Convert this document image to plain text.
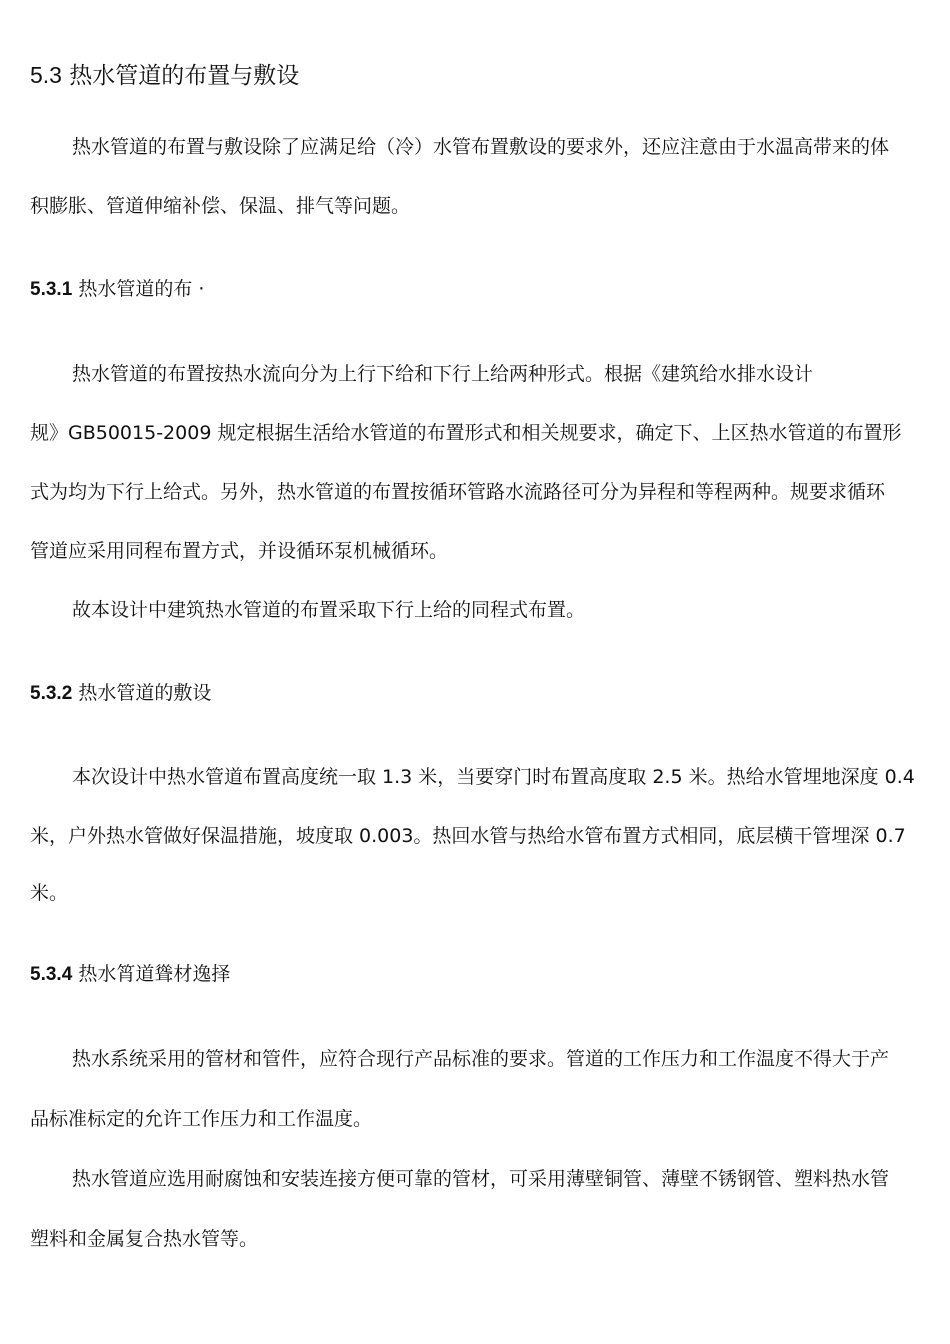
5.3 热水管道的布置与敷设
热水管道的布置与敷设除了应满足给（冷）水管布置敷设的要求外，还应注意由于水温高带来的体
积膨胀、管道伸缩补偿、保温、排气等问题。
5.3.1 热水管道的布 ·
热水管道的布置按热水流向分为上行下给和下行上给两种形式。根据《建筑给水排水设计
规》GB50015-2009 规定根据生活给水管道的布置形式和相关规要求，确定下、上区热水管道的布置形
式为均为下行上给式。另外，热水管道的布置按循环管路水流路径可分为异程和等程两种。规要求循环
管道应采用同程布置方式，并设循环泵机械循环。
故本设计中建筑热水管道的布置采取下行上给的同程式布置。
5.3.2 热水管道的敷设
本次设计中热水管道布置高度统一取 1.3 米，当要穿门时布置高度取 2.5 米。热给水管埋地深度 0.4
米，户外热水管做好保温措施，坡度取 0.003。热回水管与热给水管布置方式相同，底层横干管埋深 0.7
米。
5.3.4 热水筲道聳材逸择
热水系统采用的管材和管件，应符合现行产品标准的要求。管道的工作压力和工作温度不得大于产
品标准标定的允许工作压力和工作温度。
热水管道应选用耐腐蚀和安装连接方便可靠的管材，可采用薄壁铜管、薄壁不锈钢管、塑料热水管
塑料和金属复合热水管等。
